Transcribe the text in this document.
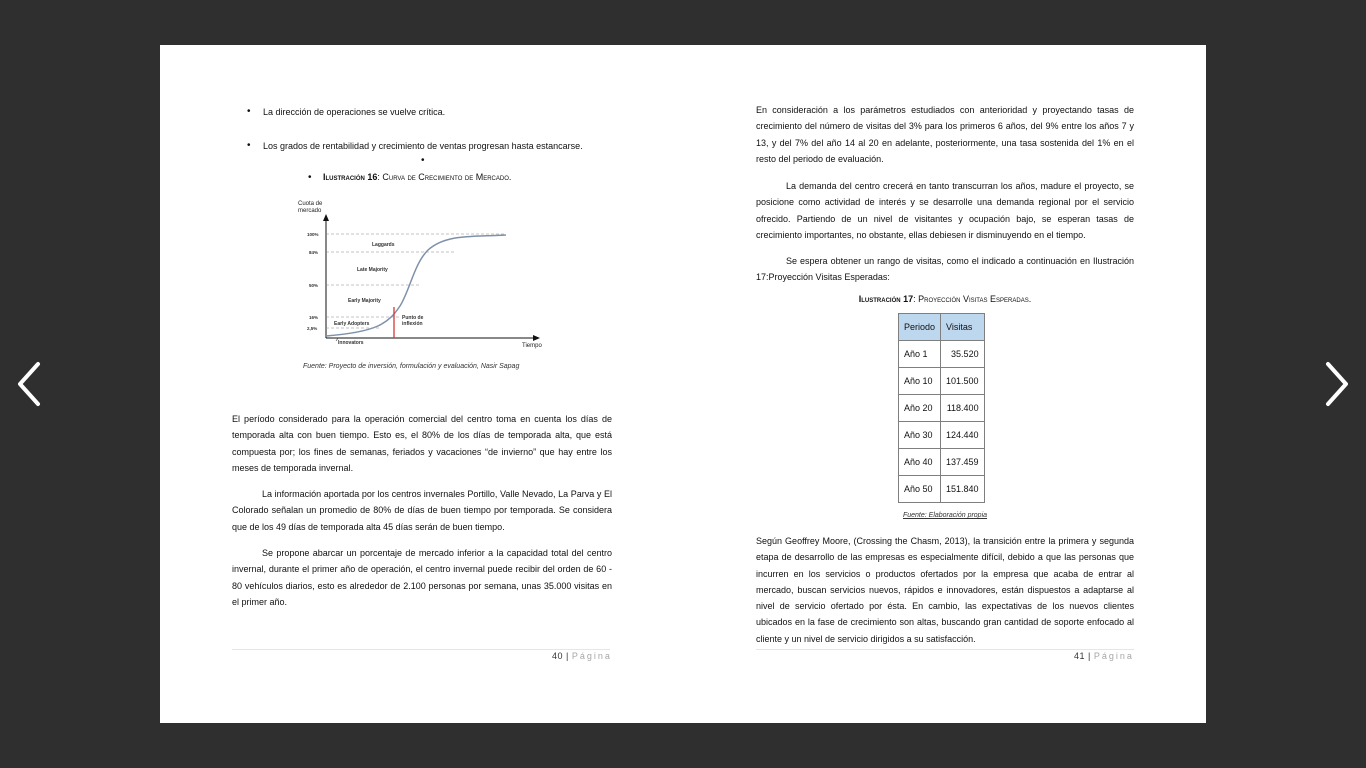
• La dirección de operaciones se vuelve crítica.
• Los grados de rentabilidad y crecimiento de ventas progresan hasta estancarse.
•
• Ilustración 16: Curva de Crecimiento de Mercado.
Cuota de mercado
Tiempo
100%
84%
50%
16%
2,5%
Laggards
Late Majority
Early Majority
Early Adopters
Innovators
Punto de inflexión
Fuente: Proyecto de inversión, formulación y evaluación, Nasir Sapag

El período considerado para la operación comercial del centro toma en cuenta los días de temporada alta con buen tiempo. Esto es, el 80% de los días de temporada alta, que está compuesta por; los fines de semanas, feriados y vacaciones “de invierno” que hay entre los meses de temporada invernal.

La información aportada por los centros invernales Portillo, Valle Nevado, La Parva y El Colorado señalan un promedio de 80% de días de buen tiempo por temporada. Se considera que de los 49 días de temporada alta 45 días serán de buen tiempo.

Se propone abarcar un porcentaje de mercado inferior a la capacidad total del centro invernal, durante el primer año de operación, el centro invernal puede recibir del orden de 60 - 80 vehículos diarios, esto es alrededor de 2.100 personas por semana, unas 35.000 visitas en el primer año.

40 | Página

En consideración a los parámetros estudiados con anterioridad y proyectando tasas de crecimiento del número de visitas del 3% para los primeros 6 años, del 9% entre los años 7 y 13, y del 7% del año 14 al 20 en adelante, posteriormente, una tasa sostenida del 1% en el resto del periodo de evaluación.

La demanda del centro crecerá en tanto transcurran los años, madure el proyecto, se posicione como actividad de interés y se desarrolle una demanda regional por el servicio ofrecido. Partiendo de un nivel de visitantes y ocupación bajo, se esperan tasas de crecimiento importantes, no obstante, ellas debiesen ir disminuyendo en el tiempo.

Se espera obtener un rango de visitas, como el indicado a continuación en Ilustración 17:Proyección Visitas Esperadas:

Ilustración 17: Proyección Visitas Esperadas.
Periodo	Visitas
Año 1	35.520
Año 10	101.500
Año 20	118.400
Año 30	124.440
Año 40	137.459
Año 50	151.840
Fuente: Elaboración propia

Según Geoffrey Moore, (Crossing the Chasm, 2013), la transición entre la primera y segunda etapa de desarrollo de las empresas es especialmente difícil, debido a que las personas que incurren en los servicios o productos ofertados por la empresa que acaba de entrar al mercado, buscan servicios nuevos, rápidos e innovadores, están dispuestos a adaptarse al nivel de servicio ofertado por ésta. En cambio, las expectativas de los nuevos clientes ubicados en la fase de crecimiento son altas, buscando gran cantidad de soporte enfocado al cliente y un nivel de servicio dirigidos a su satisfacción.

41 | Página
